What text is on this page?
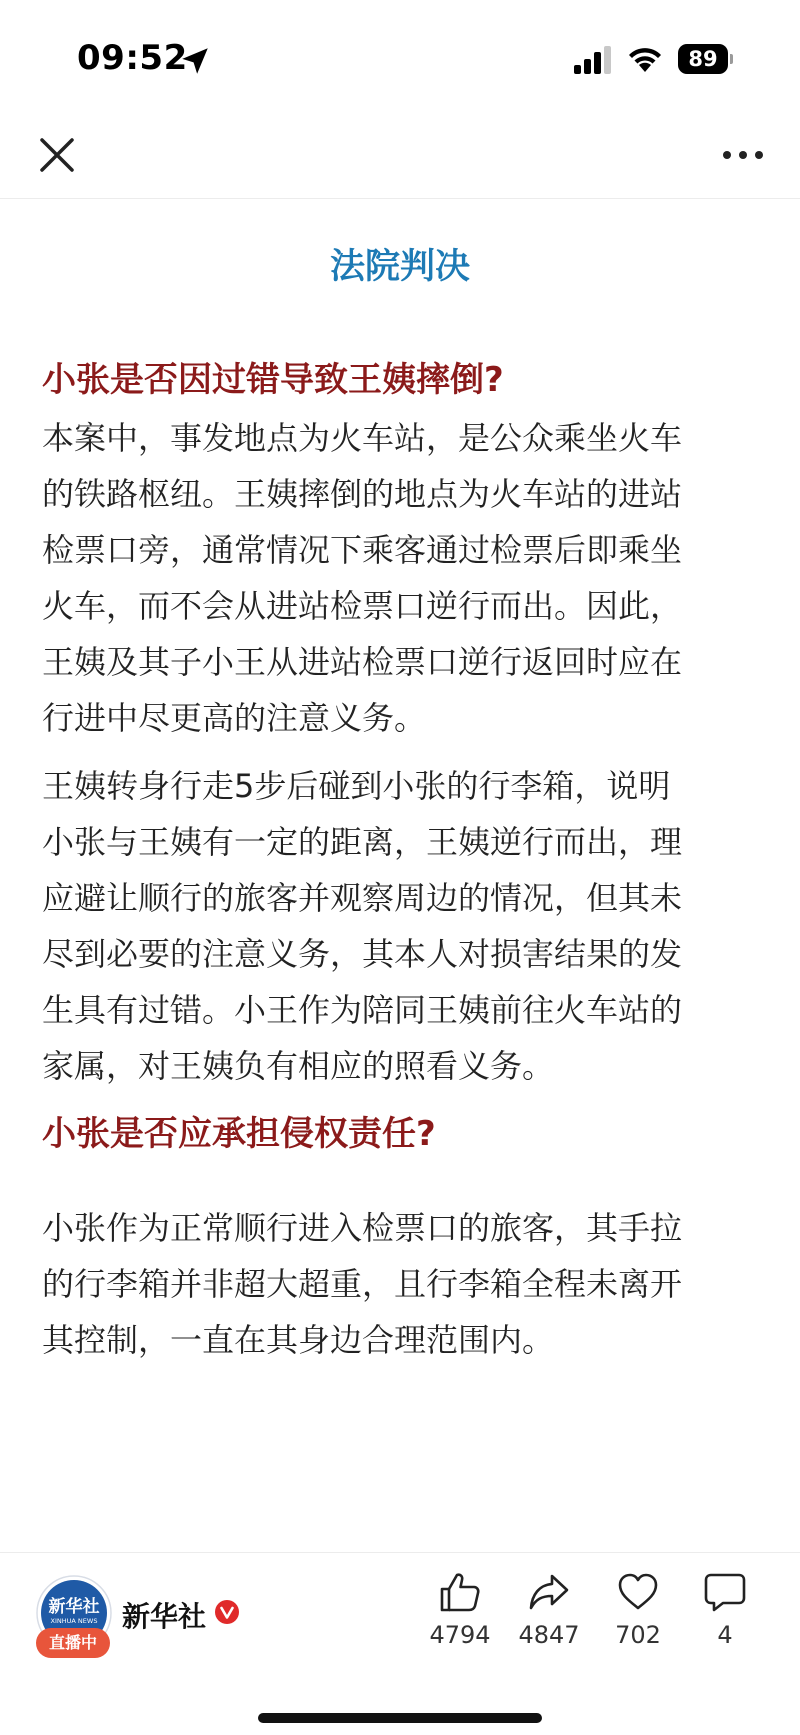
09:52	89
法院判决
小张是否因过错导致王姨摔倒?
本案中，事发地点为火车站，是公众乘坐火车
的铁路枢纽。王姨摔倒的地点为火车站的进站
检票口旁，通常情况下乘客通过检票后即乘坐
火车，而不会从进站检票口逆行而出。因此，
王姨及其子小王从进站检票口逆行返回时应在
行进中尽更高的注意义务。
王姨转身行走5步后碰到小张的行李箱，说明
小张与王姨有一定的距离，王姨逆行而出，理
应避让顺行的旅客并观察周边的情况，但其未
尽到必要的注意义务，其本人对损害结果的发
生具有过错。小王作为陪同王姨前往火车站的
家属，对王姨负有相应的照看义务。
小张是否应承担侵权责任?
小张作为正常顺行进入检票口的旅客，其手拉
的行李箱并非超大超重，且行李箱全程未离开
其控制，一直在其身边合理范围内。
新华社
XINHUA NEWS
直播中
新华社
4794	4847	702	4
